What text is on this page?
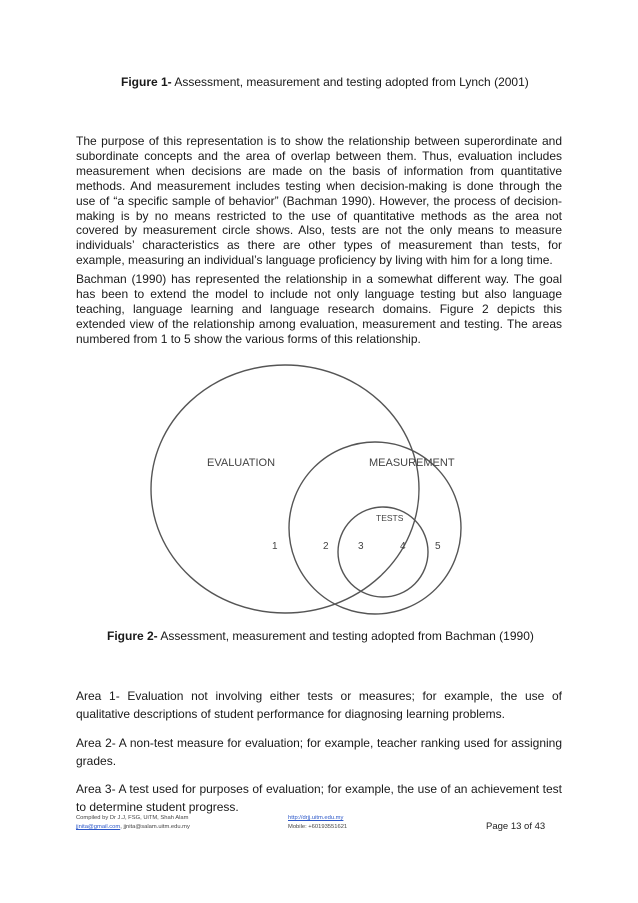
Figure 1- Assessment, measurement and testing adopted from Lynch (2001)

The purpose of this representation is to show the relationship between superordinate and subordinate concepts and the area of overlap between them. Thus, evaluation includes measurement when decisions are made on the basis of information from quantitative methods. And measurement includes testing when decision-making is done through the use of “a specific sample of behavior” (Bachman 1990). However, the process of decision-making is by no means restricted to the use of quantitative methods as the area not covered by measurement circle shows. Also, tests are not the only means to measure individuals’ characteristics as there are other types of measurement than tests, for example, measuring an individual’s language proficiency by living with him for a long time.

Bachman (1990) has represented the relationship in a somewhat different way. The goal has been to extend the model to include not only language testing but also language teaching, language learning and language research domains. Figure 2 depicts this extended view of the relationship among evaluation, measurement and testing. The areas numbered from 1 to 5 show the various forms of this relationship.

EVALUATION	MEASUREMENT
TESTS
1	2	3	4	5
Figure 2- Assessment, measurement and testing adopted from Bachman (1990)

Area 1- Evaluation not involving either tests or measures; for example, the use of qualitative descriptions of student performance for diagnosing learning problems.

Area 2- A non-test measure for evaluation; for example, teacher ranking used for assigning grades.

Area 3- A test used for purposes of evaluation; for example, the use of an achievement test to determine student progress.

Compiled by Dr J.J, FSG, UiTM, Shah Alam
jjnita@gmail.com, jjnita@salam.uitm.edu.my
http://drjj.uitm.edu.my
Mobile: +60193551621	Page 13 of 43
